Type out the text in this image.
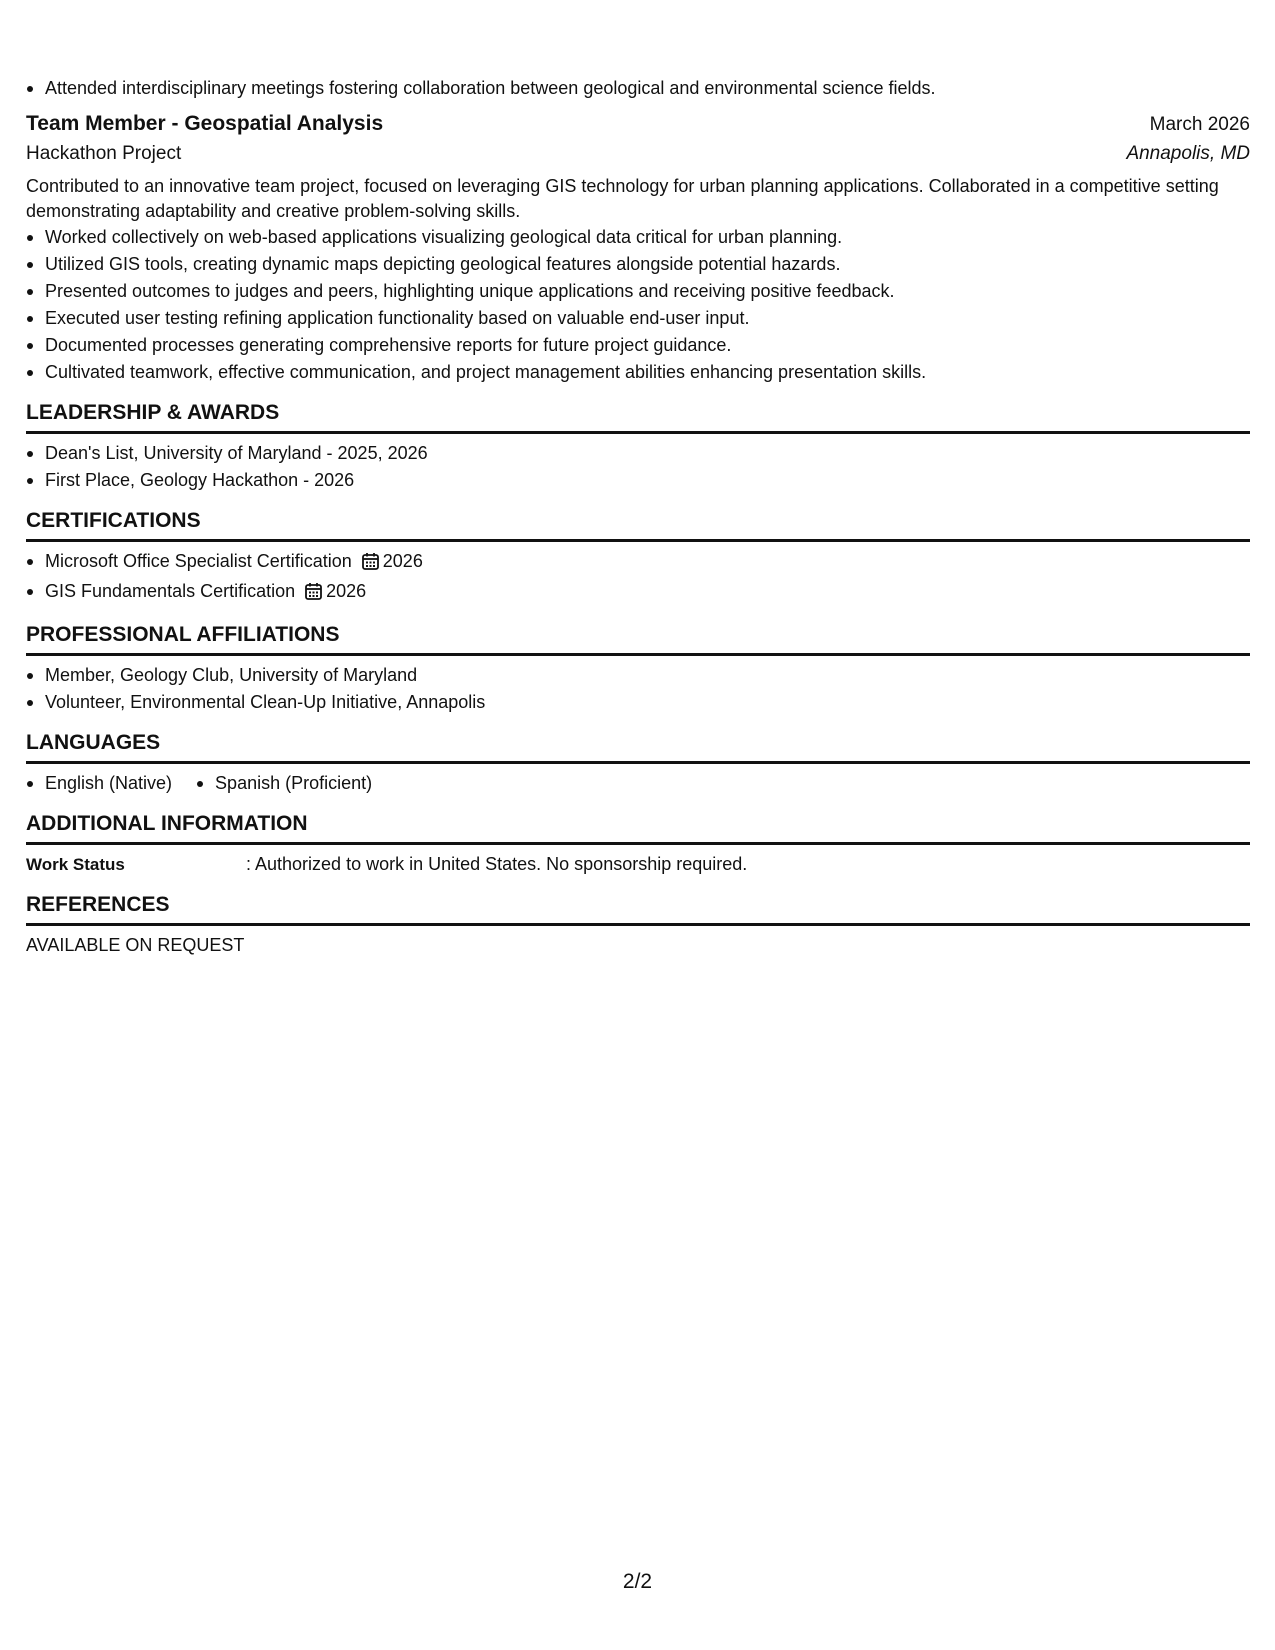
Attended interdisciplinary meetings fostering collaboration between geological and environmental science fields.
Team Member - Geospatial Analysis	March 2026
Hackathon Project	Annapolis, MD

Contributed to an innovative team project, focused on leveraging GIS technology for urban planning applications. Collaborated in a competitive setting demonstrating adaptability and creative problem-solving skills.

Worked collectively on web-based applications visualizing geological data critical for urban planning.
Utilized GIS tools, creating dynamic maps depicting geological features alongside potential hazards.
Presented outcomes to judges and peers, highlighting unique applications and receiving positive feedback.
Executed user testing refining application functionality based on valuable end-user input.
Documented processes generating comprehensive reports for future project guidance.
Cultivated teamwork, effective communication, and project management abilities enhancing presentation skills.
LEADERSHIP & AWARDS
Dean's List, University of Maryland - 2025, 2026
First Place, Geology Hackathon - 2026
CERTIFICATIONS
Microsoft Office Specialist Certification 2026
GIS Fundamentals Certification 2026
PROFESSIONAL AFFILIATIONS
Member, Geology Club, University of Maryland
Volunteer, Environmental Clean-Up Initiative, Annapolis
LANGUAGES
English (Native)	Spanish (Proficient)
ADDITIONAL INFORMATION
Work Status	: Authorized to work in United States. No sponsorship required.
REFERENCES
AVAILABLE ON REQUEST
2/2
